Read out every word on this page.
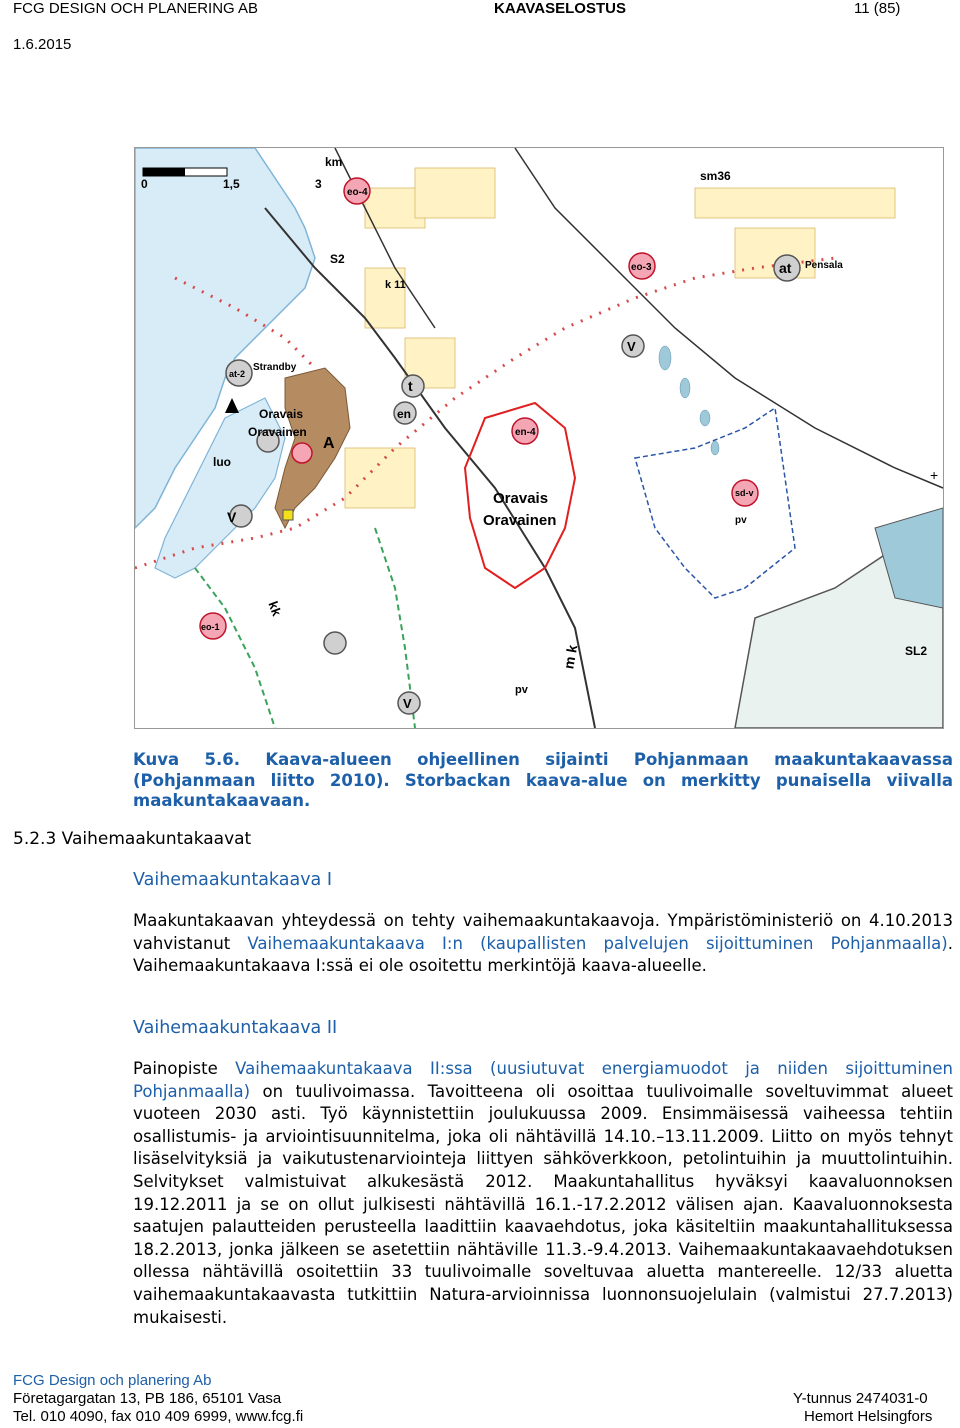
FCG DESIGN OCH PLANERING AB	KAAVASELOSTUS	11 (85)
1.6.2015
km
0	1,5	3
eo-4
sm36
Pensala
at
eo-3
S2
k 11
at-2
Strandby
t
en
en-4
Oravais
Oravainen
A
luo
V
V
V
Oravais
Oravainen
sd-v
pv
pv
eo-1
m k
kk
SL2
+
Kuva 5.6. Kaava-alueen ohjeellinen sijainti Pohjanmaan maakuntakaavassa (Pohjanmaan liitto 2010). Storbackan kaava-alue on merkitty punaisella viivalla maakuntakaavaan.
5.2.3 Vaihemaakuntakaavat
Vaihemaakuntakaava I
Maakuntakaavan yhteydessä on tehty vaihemaakuntakaavoja. Ympäristöministeriö on 4.10.2013 vahvistanut Vaihemaakuntakaava I:n (kaupallisten palvelujen sijoittuminen Pohjanmaalla). Vaihemaakuntakaava I:ssä ei ole osoitettu merkintöjä kaava-alueelle.
Vaihemaakuntakaava II
Painopiste Vaihemaakuntakaava II:ssa (uusiutuvat energiamuodot ja niiden sijoittuminen Pohjanmaalla) on tuulivoimassa. Tavoitteena oli osoittaa tuulivoimalle soveltuvimmat alueet vuoteen 2030 asti. Työ käynnistettiin joulukuussa 2009. Ensimmäisessä vaiheessa tehtiin osallistumis- ja arviointisuunnitelma, joka oli nähtävillä 14.10.–13.11.2009. Liitto on myös tehnyt lisäselvityksiä ja vaikutustenarviointeja liittyen sähköverkkoon, petolintuihin ja muuttolintuihin. Selvitykset valmistuivat alkukesästä 2012. Maakuntahallitus hyväksyi kaavaluonnoksen 19.12.2011 ja se on ollut julkisesti nähtävillä 16.1.-17.2.2012 välisen ajan. Kaavaluonnoksesta saatujen palautteiden perusteella laadittiin kaavaehdotus, joka käsiteltiin maakuntahallituksessa 18.2.2013, jonka jälkeen se asetettiin nähtäville 11.3.-9.4.2013. Vaihemaakuntakaavaehdotuksen ollessa nähtävillä osoitettiin 33 tuulivoimalle soveltuvaa aluetta mantereelle. 12/33 aluetta vaihemaakuntakaavasta tutkittiin Natura-arvioinnissa luonnonsuojelulain (valmistui 27.7.2013) mukaisesti.
FCG Design och planering Ab
Företagargatan 13, PB 186, 65101 Vasa
Tel. 010 4090, fax 010 409 6999, www.fcg.fi
Y-tunnus 2474031-0
Hemort Helsingfors
